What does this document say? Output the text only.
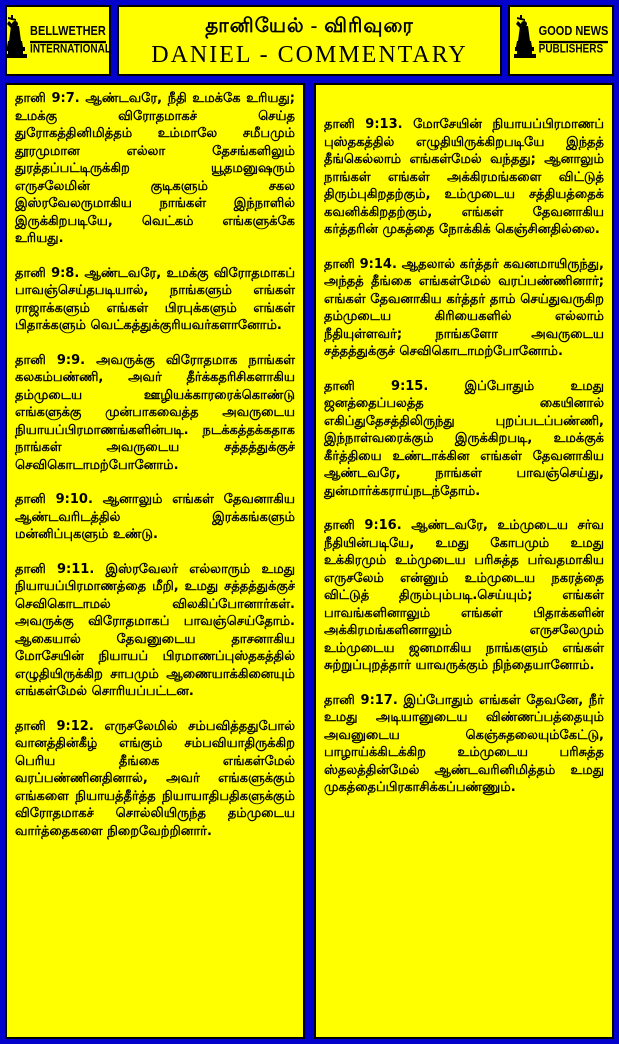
BELLWETHER
INTERNATIONAL
தானியேல் - விரிவுரை
DANIEL - COMMENTARY
GOOD NEWS
PUBLISHERS

தானி 9:7. ஆண்டவரே, நீதி உமக்கே உரியது; உமக்கு விரோதமாகச் செய்த துரோகத்தினிமித்தம் உம்மாலே சமீபமும் தூரமுமான எல்லா தேசங்களிலும் துரத்தப்பட்டிருக்கிற யூதமனுஷரும் எருசலேமின் குடிகளும் சகல இஸ்ரவேலருமாகிய நாங்கள் இந்நாளில் இருக்கிறபடியே, வெட்கம் எங்களுக்கே உரியது.

தானி 9:8. ஆண்டவரே, உமக்கு விரோதமாகப் பாவஞ்செய்தபடியால், நாங்களும் எங்கள் ராஜாக்களும் எங்கள் பிரபுக்களும் எங்கள் பிதாக்களும் வெட்கத்துக்குரியவர்களானோம்.

தானி 9:9. அவருக்கு விரோதமாக நாங்கள் கலகம்பண்ணி, அவர் தீர்க்கதரிசிகளாகிய தம்முடைய ஊழியக்காரரைக்கொண்டு எங்களுக்கு முன்பாகவைத்த அவருடைய நியாயப்பிரமாணங்களின்படி. நடக்கத்தக்கதாக நாங்கள் அவருடைய சத்தத்துக்குச் செவிகொடாமற்போனோம்.

தானி 9:10. ஆனாலும் எங்கள் தேவனாகிய ஆண்டவரிடத்தில் இரக்கங்களும் மன்னிப்புகளும் உண்டு.

தானி 9:11. இஸ்ரவேலர் எல்லாரும் உமது நியாயப்பிரமாணத்தை மீறி, உமது சத்தத்துக்குச் செவிகொடாமல் விலகிப்போனார்கள். அவருக்கு விரோதமாகப் பாவஞ்செய்தோம். ஆகையால் தேவனுடைய தாசனாகிய மோசேயின் நியாயப் பிரமாணப்புஸ்தகத்தில் எழுதியிருக்கிற சாபமும் ஆணையாக்கினையும் எங்கள்மேல் சொரியப்பட்டன.

தானி 9:12. எருசலேமில் சம்பவித்ததுபோல் வானத்தின்கீழ் எங்கும் சம்பவியாதிருக்கிற பெரிய தீங்கை எங்கள்மேல் வரப்பண்ணினதினால், அவர் எங்களுக்கும் எங்களை நியாயத்தீர்த்த நியாயாதிபதிகளுக்கும் விரோதமாகச் சொல்லியிருந்த தம்முடைய வார்த்தைகளை நிறைவேற்றினார்.

தானி 9:13. மோசேயின் நியாயப்பிரமாணப் புஸ்தகத்தில் எழுதியிருக்கிறபடியே இந்தத் தீங்கெல்லாம் எங்கள்மேல் வந்தது; ஆனாலும் நாங்கள் எங்கள் அக்கிரமங்களை விட்டுத் திரும்புகிறதற்கும், உம்முடைய சத்தியத்தைக் கவனிக்கிறதற்கும், எங்கள் தேவனாகிய கர்த்தரின் முகத்தை நோக்கிக் கெஞ்சினதில்லை.

தானி 9:14. ஆதலால் கர்த்தர் கவனமாயிருந்து, அந்தத் தீங்கை எங்கள்மேல் வரப்பண்ணினார்; எங்கள் தேவனாகிய கர்த்தர் தாம் செய்துவருகிற தம்முடைய கிரியைகளில் எல்லாம் நீதியுள்ளவர்; நாங்களோ அவருடைய சத்தத்துக்குச் செவிகொடாமற்போனோம்.

தானி 9:15. இப்போதும் உமது ஜனத்தைப்பலத்த கையினால் எகிப்துதேசத்திலிருந்து புறப்படப்பண்ணி, இந்நாள்வரைக்கும் இருக்கிறபடி, உமக்குக் கீர்த்தியை உண்டாக்கின எங்கள் தேவனாகிய ஆண்டவரே, நாங்கள் பாவஞ்செய்து, துன்மார்க்கராய்நடந்தோம்.

தானி 9:16. ஆண்டவரே, உம்முடைய சர்வ நீதியின்படியே, உமது கோபமும் உமது உக்கிரமும் உம்முடைய பரிசுத்த பர்வதமாகிய எருசலேம் என்னும் உம்முடைய நகரத்தை விட்டுத் திரும்பும்படி.செய்யும்; எங்கள் பாவங்களினாலும் எங்கள் பிதாக்களின் அக்கிரமங்களினாலும் எருசலேமும் உம்முடைய ஜனமாகிய நாங்களும் எங்கள் சுற்றுப்புறத்தார் யாவருக்கும் நிந்தையானோம்.

தானி 9:17. இப்போதும் எங்கள் தேவனே, நீர் உமது அடியானுடைய விண்ணப்பத்தையும் அவனுடைய கெஞ்சுதலையும்கேட்டு, பாழாய்க்கிடக்கிற உம்முடைய பரிசுத்த ஸ்தலத்தின்மேல் ஆண்டவரினிமித்தம் உமது முகத்தைப்பிரகாசிக்கப்பண்ணும்.
